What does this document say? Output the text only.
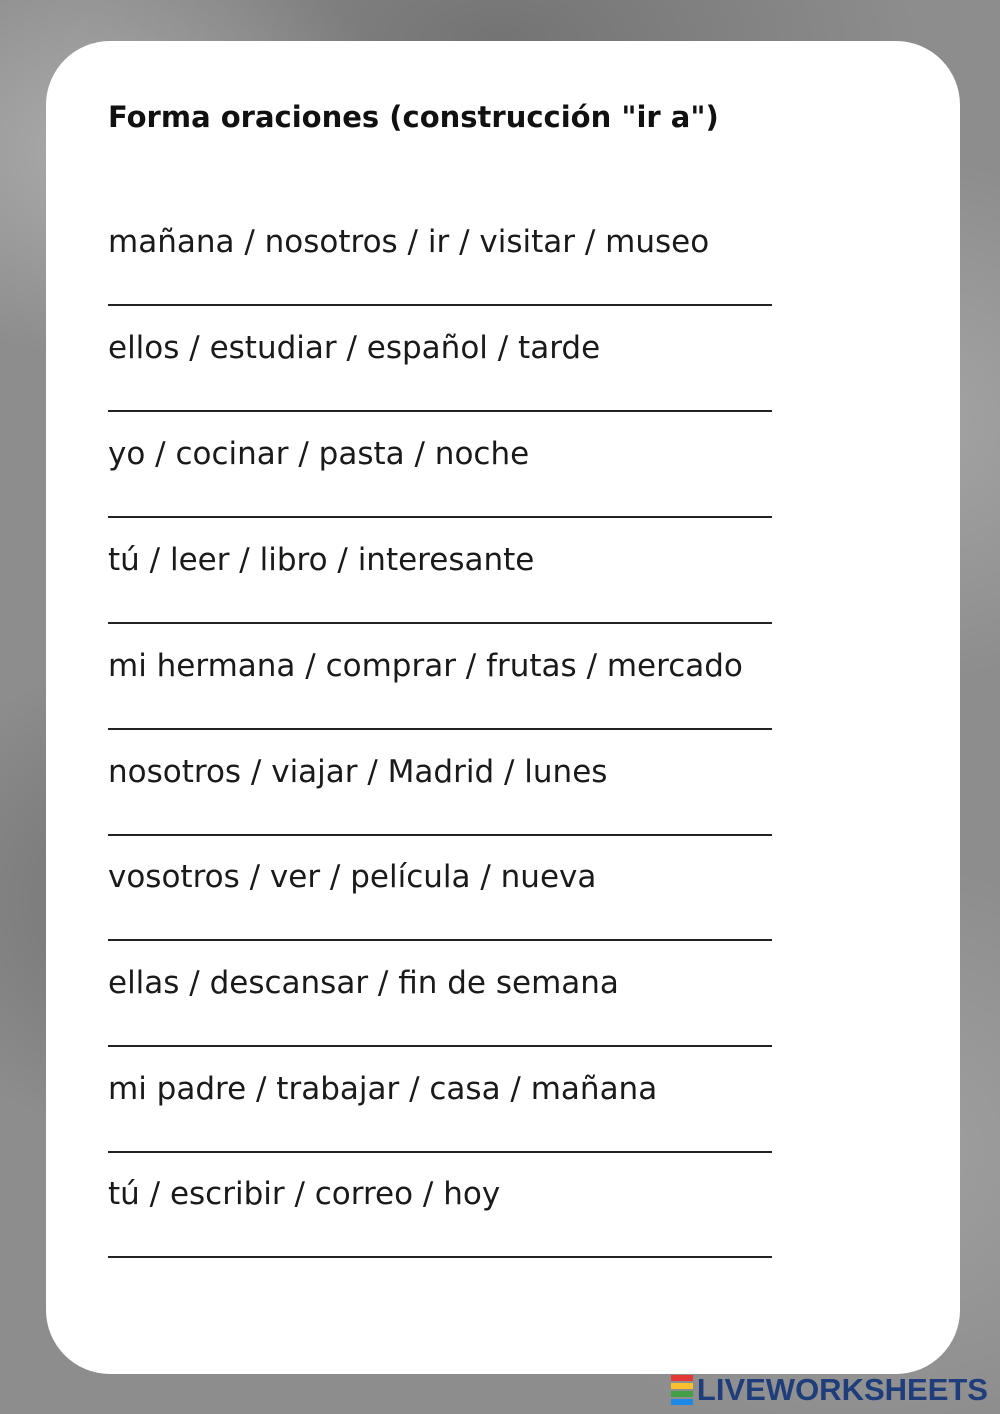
Forma oraciones (construcción "ir a")
mañana / nosotros / ir / visitar / museo
ellos / estudiar / español / tarde
yo / cocinar / pasta / noche
tú / leer / libro / interesante
mi hermana / comprar / frutas / mercado
nosotros / viajar / Madrid / lunes
vosotros / ver / película / nueva
ellas / descansar / fin de semana
mi padre / trabajar / casa / mañana
tú / escribir / correo / hoy
LIVEWORKSHEETS
